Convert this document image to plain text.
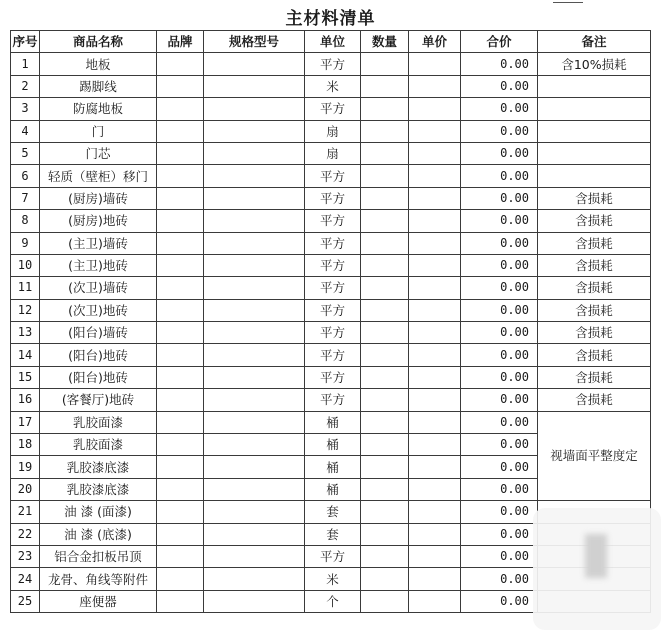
主材料清单								
序号	商品名称	品牌	规格型号	单位	数量	单价	合价	备注
1	地板			平方			0.00	含10%损耗
2	踢脚线			米			0.00	
3	防腐地板			平方			0.00	
4	门			扇			0.00	
5	门芯			扇			0.00	
6	轻质（壁柜）移门			平方			0.00	
7	(厨房)墙砖			平方			0.00	含损耗
8	(厨房)地砖			平方			0.00	含损耗
9	(主卫)墙砖			平方			0.00	含损耗
10	(主卫)地砖			平方			0.00	含损耗
11	(次卫)墙砖			平方			0.00	含损耗
12	(次卫)地砖			平方			0.00	含损耗
13	(阳台)墙砖			平方			0.00	含损耗
14	(阳台)地砖			平方			0.00	含损耗
15	(阳台)地砖			平方			0.00	含损耗
16	(客餐厅)地砖			平方			0.00	含损耗
17	乳胶面漆			桶			0.00	视墙面平整度定
18	乳胶面漆			桶			0.00	
19	乳胶漆底漆			桶			0.00	
20	乳胶漆底漆			桶			0.00	
21	油 漆 (面漆)			套			0.00	
22	油 漆 (底漆)			套			0.00	
23	铝合金扣板吊顶			平方			0.00	
24	龙骨、角线等附件			米			0.00	
25	座便器			个			0.00	
